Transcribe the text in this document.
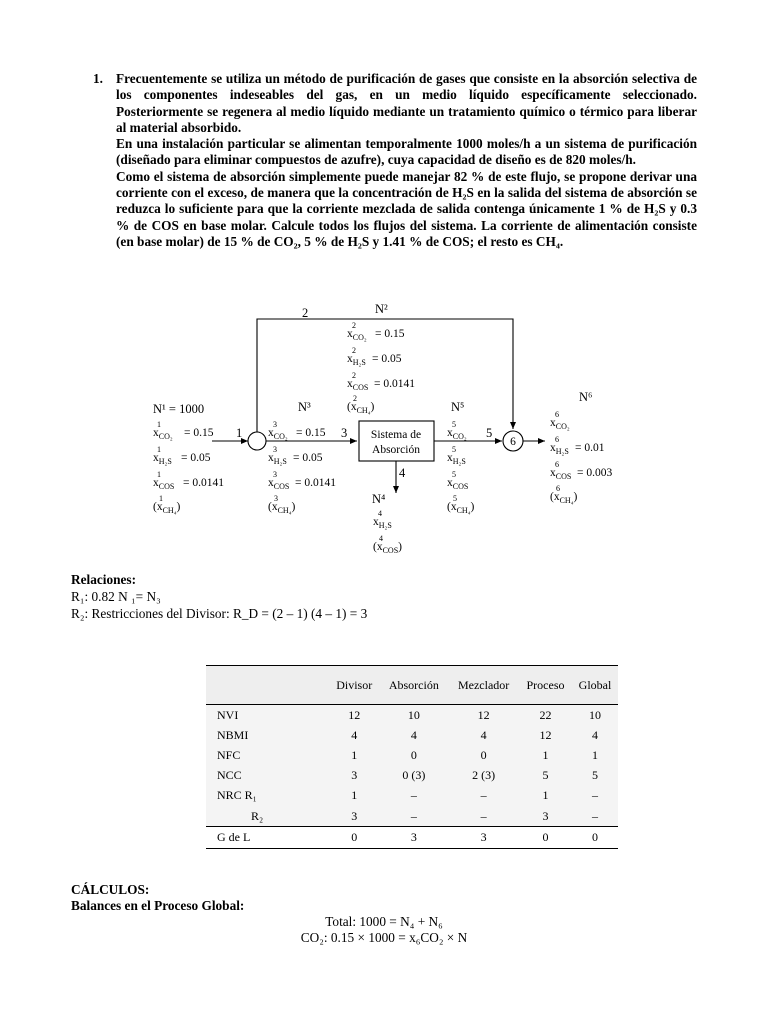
1. Frecuentemente se utiliza un método de purificación de gases que consiste en la absorción selectiva de los componentes indeseables del gas, en un medio líquido específicamente seleccionado. Posteriormente se regenera al medio líquido mediante un tratamiento químico o térmico para liberar al material absorbido.

En una instalación particular se alimentan temporalmente 1000 moles/h a un sistema de purificación (diseñado para eliminar compuestos de azufre), cuya capacidad de diseño es de 820 moles/h.

Como el sistema de absorción simplemente puede manejar 82 % de este flujo, se propone derivar una corriente con el exceso, de manera que la concentración de H₂S en la salida del sistema de absorción se reduzca lo suficiente para que la corriente mezclada de salida contenga únicamente 1 % de H₂S y 0.3 % de COS en base molar. Calcule todos los flujos del sistema. La corriente de alimentación consiste (en base molar) de 15 % de CO₂, 5 % de H₂S y 1.41 % de COS; el resto es CH₄.

Sistema de
Absorción
6
1
2
3
4
5
N¹ = 1000
$x_{CO_2}$
1
= 0.15
$x_{H_2S}$
1
= 0.05
$x_{COS}$
1
= 0.0141
$(x_{CH_4})$
1
N²
$x_{CO_2}$
2
= 0.15
$x_{H_2S}$
2
= 0.05
$x_{COS}$
2
= 0.0141
$(x_{CH_4})$
2
N³
$x_{CO_2}$
3
= 0.15
$x_{H_2S}$
3
= 0.05
$x_{COS}$
3
= 0.0141
$(x_{CH_4})$
3	N⁴
$x_{H_2S}$
4
$(x_{COS})$
4
N⁵
$x_{CO_2}$
5
$x_{H_2S}$
5
$x_{COS}$
5
$(x_{CH_4})$
5
N⁶
$x_{CO_2}$
6
$x_{H_2S}$
6
= 0.01
$x_{COS}$
6
= 0.003
$(x_{CH_4})$
6
Relaciones:
R₁: 0.82 N ₁= N₃
R₂: Restricciones del Divisor: R_D = (2 – 1) (4 – 1) = 3
	Divisor	Absorción	Mezclador	Proceso	Global
NVI	12	10	12	22	10
NBMI	4	4	4	12	4
NFC	1	0	0	1	1
NCC	3	0 (3)	2 (3)	5	5
NRC R₁	1	–	–	1	–
R₂	3	–	–	3	–
G de L	0	3	3	0	0
CÁLCULOS:
Balances en el Proceso Global:
Total: 1000 = N₄ + N₆
CO₂: 0.15 × 1000 = x₆CO₂ × N
